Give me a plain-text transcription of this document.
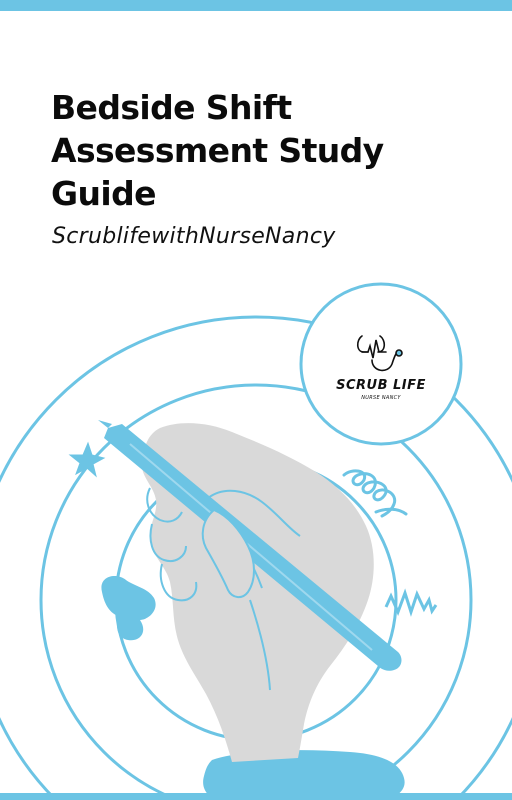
Bedside Shift Assessment Study Guide

ScrublifewithNurseNancy

SCRUB LIFE
NURSE NANCY
